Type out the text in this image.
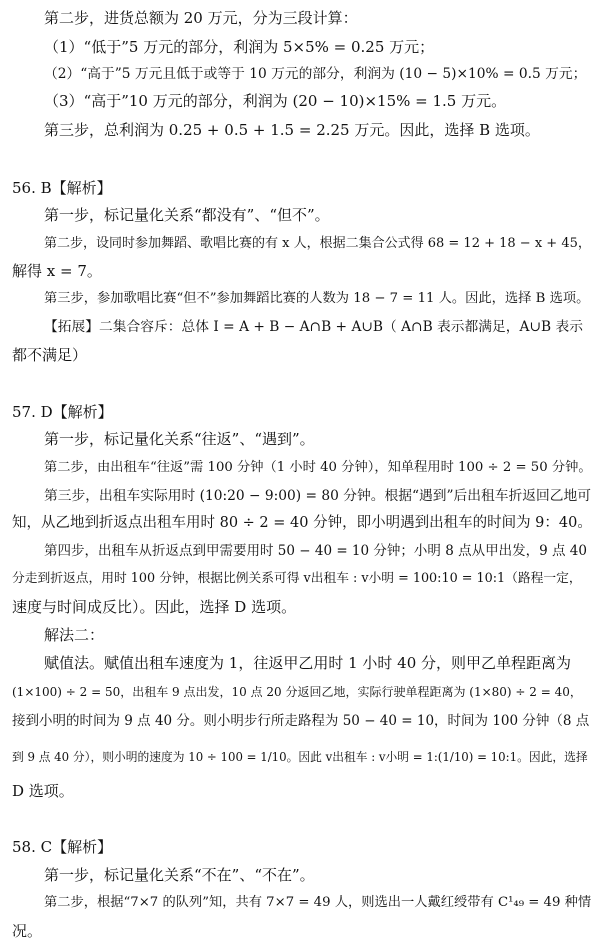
第二步，进货总额为 20 万元，分为三段计算：
（1）“低于”5 万元的部分，利润为 5×5% = 0.25 万元；
（2）“高于”5 万元且低于或等于 10 万元的部分，利润为 (10 − 5)×10% = 0.5 万元；
（3）“高于”10 万元的部分，利润为 (20 − 10)×15% = 1.5 万元。
第三步，总利润为 0.25 + 0.5 + 1.5 = 2.25 万元。因此，选择 B 选项。
56. B【解析】
第一步，标记量化关系“都没有”、“但不”。
第二步，设同时参加舞蹈、歌唱比赛的有 x 人，根据二集合公式得 68 = 12 + 18 − x + 45，
解得 x = 7。
第三步，参加歌唱比赛“但不”参加舞蹈比赛的人数为 18 − 7 = 11 人。因此，选择 B 选项。
【拓展】二集合容斥：总体 I = A + B − A∩B + A∪B（ A∩B 表示都满足，A∪B 表示
都不满足）
57. D【解析】
第一步，标记量化关系“往返”、“遇到”。
第二步，由出租车“往返”需 100 分钟（1 小时 40 分钟），知单程用时 100 ÷ 2 = 50 分钟。
第三步，出租车实际用时 (10:20 − 9:00) = 80 分钟。根据“遇到”后出租车折返回乙地可
知，从乙地到折返点出租车用时 80 ÷ 2 = 40 分钟，即小明遇到出租车的时间为 9：40。
第四步，出租车从折返点到甲需要用时 50 − 40 = 10 分钟；小明 8 点从甲出发，9 点 40
分走到折返点，用时 100 分钟，根据比例关系可得 v出租车 : v小明 = 100:10 = 10:1（路程一定，
速度与时间成反比）。因此，选择 D 选项。
解法二：
赋值法。赋值出租车速度为 1，往返甲乙用时 1 小时 40 分，则甲乙单程距离为
(1×100) ÷ 2 = 50，出租车 9 点出发，10 点 20 分返回乙地，实际行驶单程距离为 (1×80) ÷ 2 = 40，
接到小明的时间为 9 点 40 分。则小明步行所走路程为 50 − 40 = 10，时间为 100 分钟（8 点
到 9 点 40 分），则小明的速度为 10 ÷ 100 = 1/10。因此 v出租车 : v小明 = 1:(1/10) = 10:1。因此，选择
D 选项。
58. C【解析】
第一步，标记量化关系“不在”、“不在”。
第二步，根据“7×7 的队列”知，共有 7×7 = 49 人，则选出一人戴红绶带有 C¹₄₉ = 49 种情
况。
